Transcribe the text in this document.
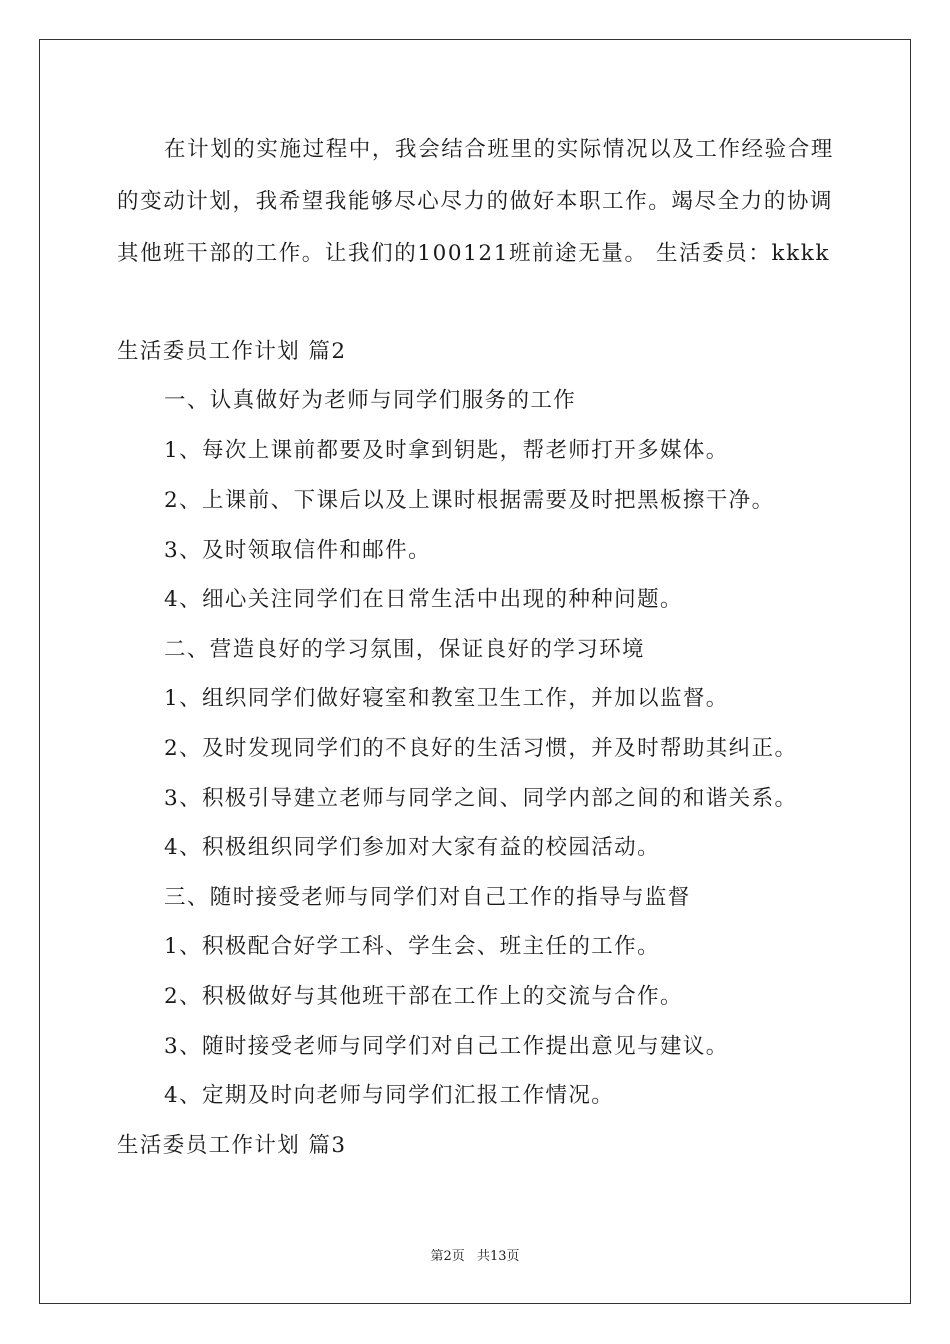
在计划的实施过程中，我会结合班里的实际情况以及工作经验合理的变动计划，我希望我能够尽心尽力的做好本职工作。竭尽全力的协调其他班干部的工作。让我们的100121班前途无量。 生活委员：kkkk

生活委员工作计划 篇2

一、认真做好为老师与同学们服务的工作

1、每次上课前都要及时拿到钥匙，帮老师打开多媒体。

2、上课前、下课后以及上课时根据需要及时把黑板擦干净。

3、及时领取信件和邮件。

4、细心关注同学们在日常生活中出现的种种问题。

二、营造良好的学习氛围，保证良好的学习环境

1、组织同学们做好寝室和教室卫生工作，并加以监督。

2、及时发现同学们的不良好的生活习惯，并及时帮助其纠正。

3、积极引导建立老师与同学之间、同学内部之间的和谐关系。

4、积极组织同学们参加对大家有益的校园活动。

三、随时接受老师与同学们对自己工作的指导与监督

1、积极配合好学工科、学生会、班主任的工作。

2、积极做好与其他班干部在工作上的交流与合作。

3、随时接受老师与同学们对自己工作提出意见与建议。

4、定期及时向老师与同学们汇报工作情况。

生活委员工作计划 篇3

第2页 共13页
